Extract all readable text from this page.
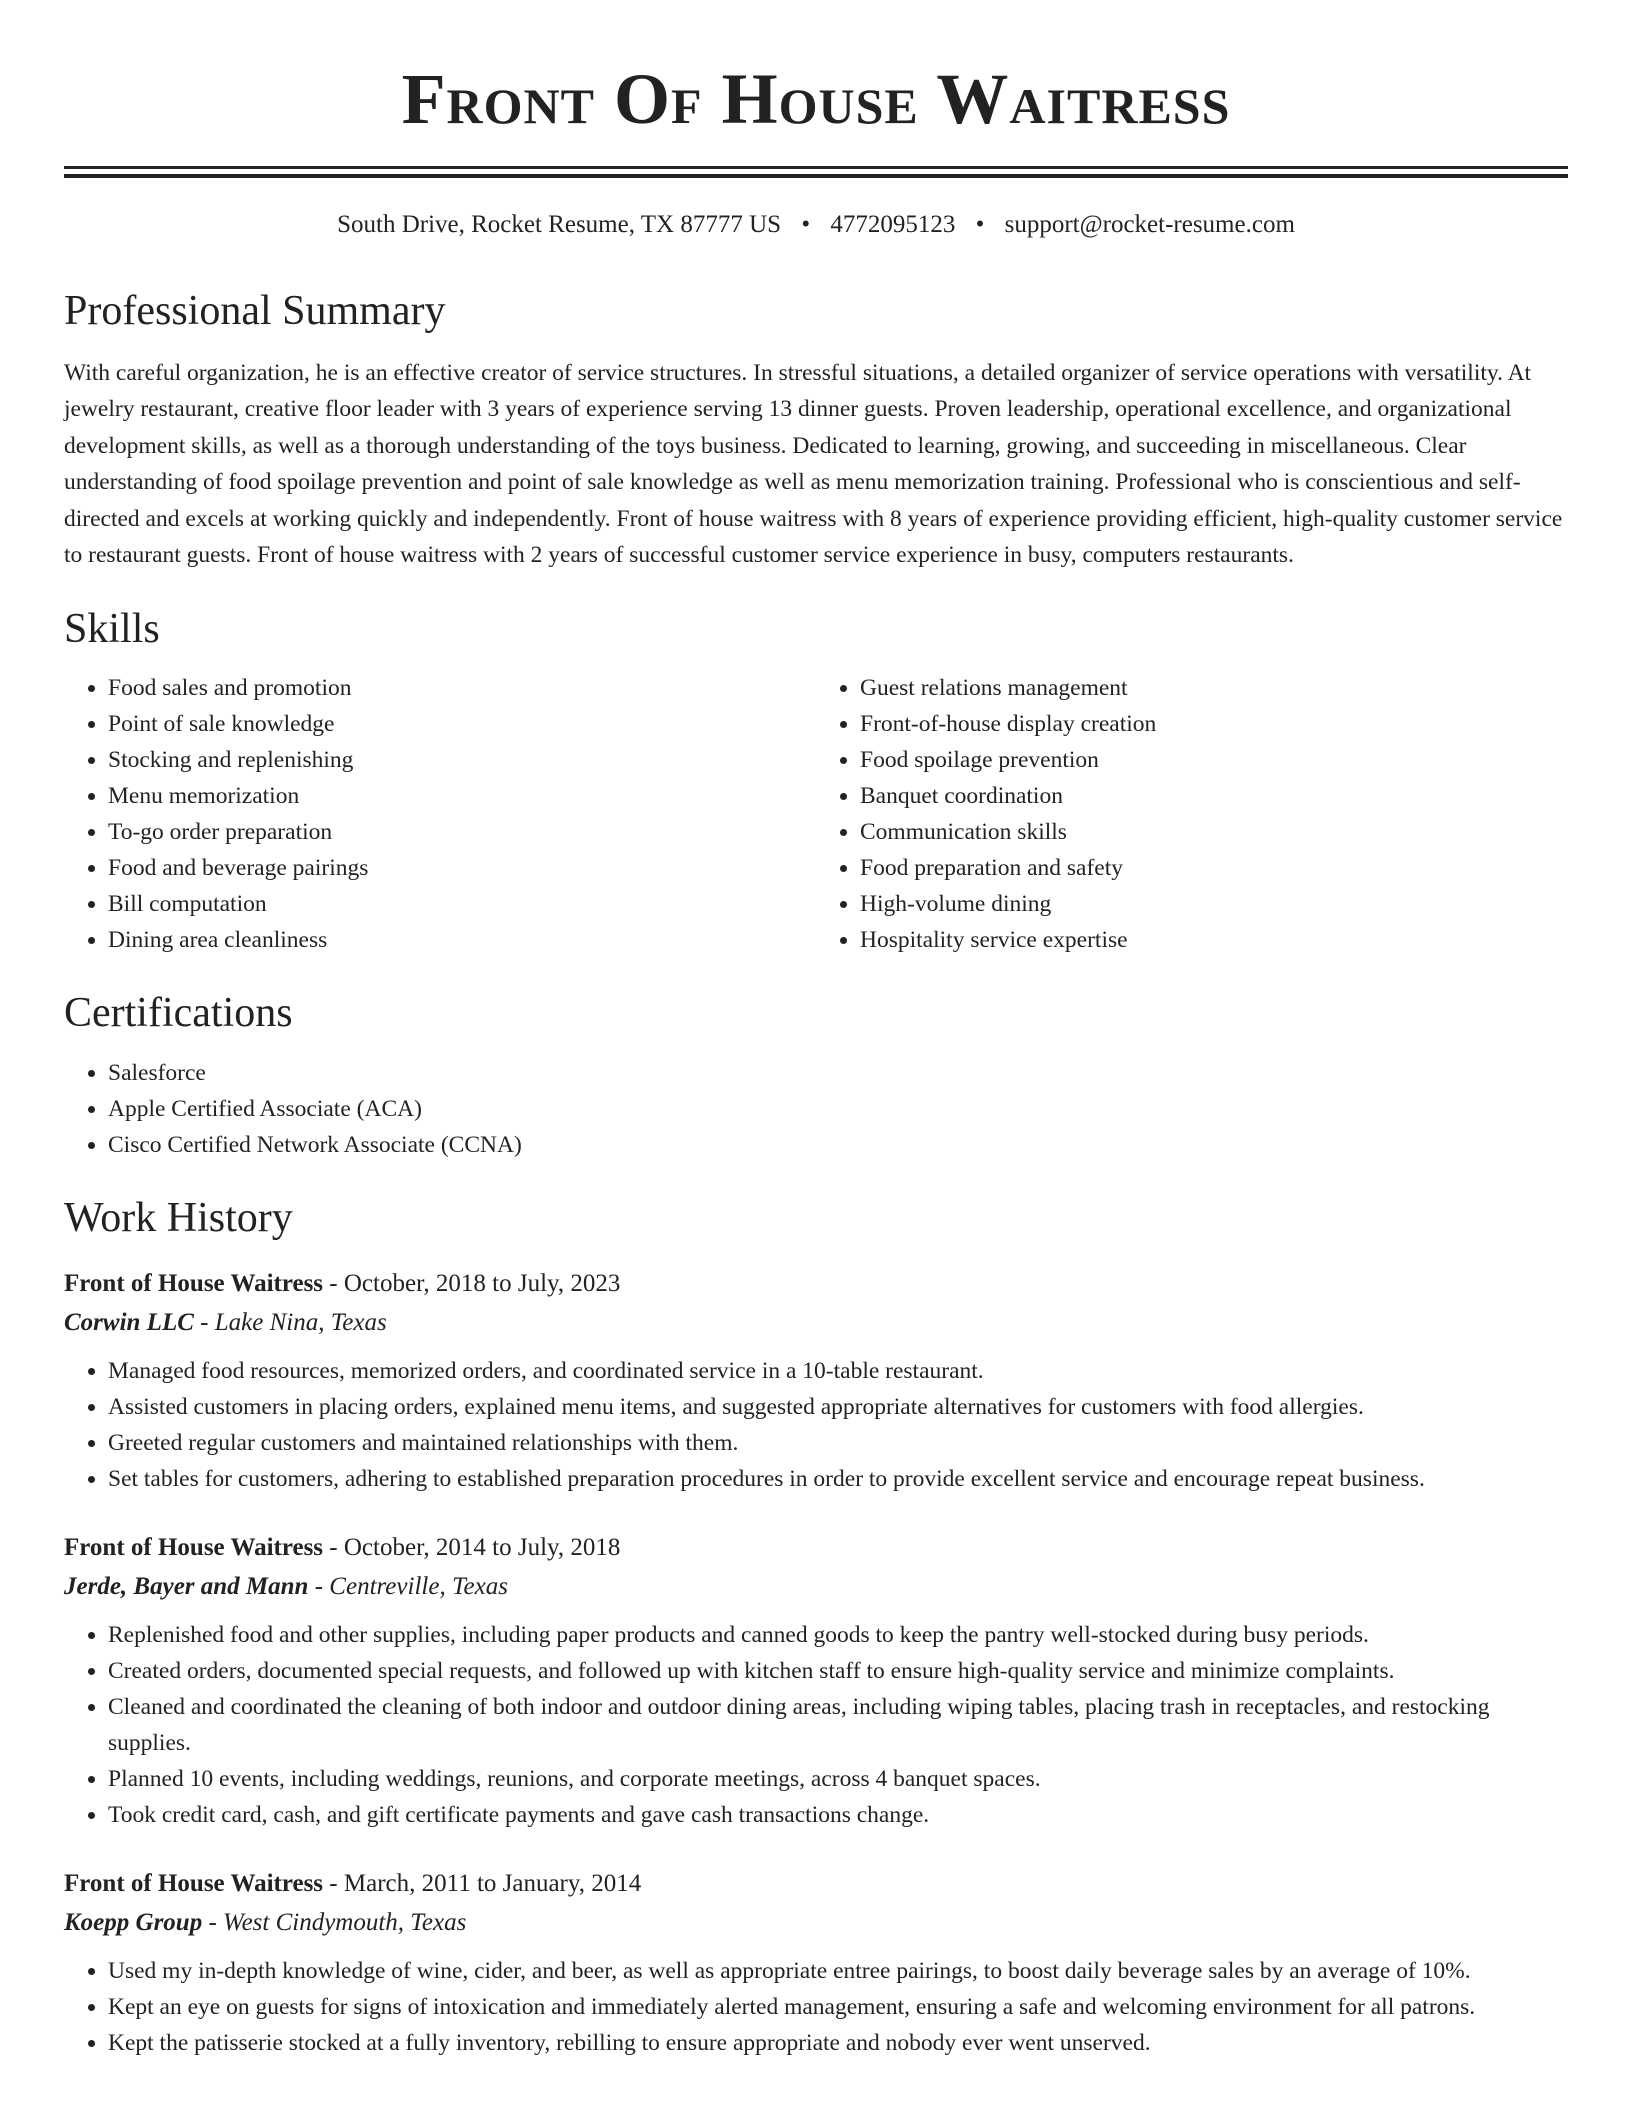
Front Of House Waitress
South Drive, Rocket Resume, TX 87777 US • 4772095123 • support@rocket-resume.com
Professional Summary

With careful organization, he is an effective creator of service structures. In stressful situations, a detailed organizer of service operations with versatility. At jewelry restaurant, creative floor leader with 3 years of experience serving 13 dinner guests. Proven leadership, operational excellence, and organizational development skills, as well as a thorough understanding of the toys business. Dedicated to learning, growing, and succeeding in miscellaneous. Clear understanding of food spoilage prevention and point of sale knowledge as well as menu memorization training. Professional who is conscientious and self-directed and excels at working quickly and independently. Front of house waitress with 8 years of experience providing efficient, high-quality customer service to restaurant guests. Front of house waitress with 2 years of successful customer service experience in busy, computers restaurants.

Skills
• Food sales and promotion
• Point of sale knowledge
• Stocking and replenishing
• Menu memorization
• To-go order preparation
• Food and beverage pairings
• Bill computation
• Dining area cleanliness
• Guest relations management
• Front-of-house display creation
• Food spoilage prevention
• Banquet coordination
• Communication skills
• Food preparation and safety
• High-volume dining
• Hospitality service expertise
Certifications
• Salesforce
• Apple Certified Associate (ACA)
• Cisco Certified Network Associate (CCNA)
Work History
Front of House Waitress - October, 2018 to July, 2023
Corwin LLC - Lake Nina, Texas
• Managed food resources, memorized orders, and coordinated service in a 10-table restaurant.
• Assisted customers in placing orders, explained menu items, and suggested appropriate alternatives for customers with food allergies.
• Greeted regular customers and maintained relationships with them.
• Set tables for customers, adhering to established preparation procedures in order to provide excellent service and encourage repeat business.
Front of House Waitress - October, 2014 to July, 2018
Jerde, Bayer and Mann - Centreville, Texas
• Replenished food and other supplies, including paper products and canned goods to keep the pantry well-stocked during busy periods.
• Created orders, documented special requests, and followed up with kitchen staff to ensure high-quality service and minimize complaints.
• Cleaned and coordinated the cleaning of both indoor and outdoor dining areas, including wiping tables, placing trash in receptacles, and restocking supplies.
• Planned 10 events, including weddings, reunions, and corporate meetings, across 4 banquet spaces.
• Took credit card, cash, and gift certificate payments and gave cash transactions change.
Front of House Waitress - March, 2011 to January, 2014
Koepp Group - West Cindymouth, Texas
• Used my in-depth knowledge of wine, cider, and beer, as well as appropriate entree pairings, to boost daily beverage sales by an average of 10%.
• Kept an eye on guests for signs of intoxication and immediately alerted management, ensuring a safe and welcoming environment for all patrons.
• Kept the patisserie stocked at a fully inventory, rebilling to ensure appropriate and nobody ever went unserved.
